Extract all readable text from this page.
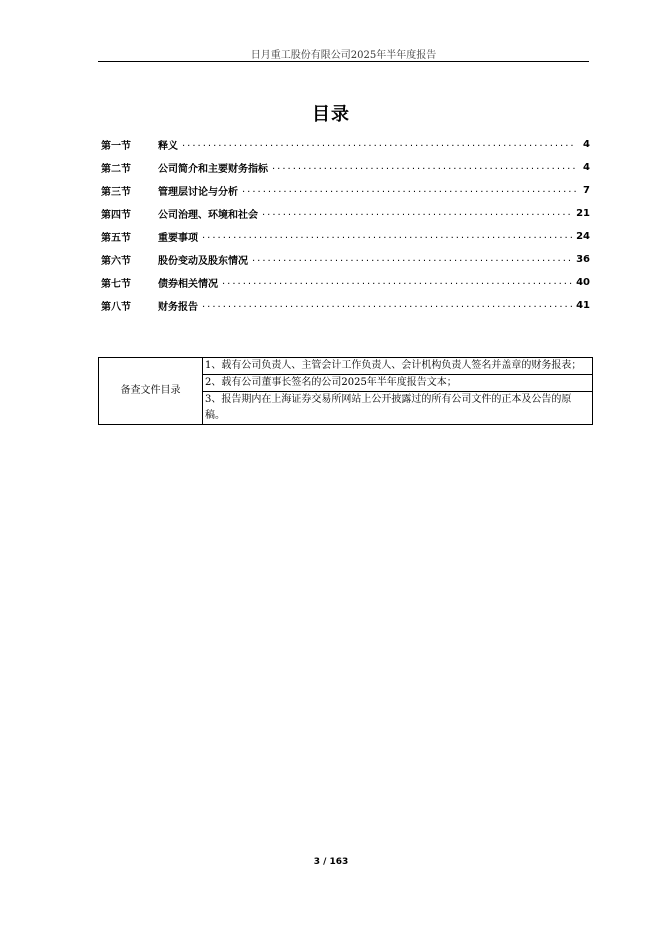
日月重工股份有限公司2025年半年度报告
目录
第一节	释义 .....	4
第二节	公司简介和主要财务指标 .....	4
第三节	管理层讨论与分析 .....	7
第四节	公司治理、环境和社会 .....	21
第五节	重要事项 .....	24
第六节	股份变动及股东情况 .....	36
第七节	债券相关情况 .....	40
第八节	财务报告 .....	41
备查文件目录	1、载有公司负责人、主管会计工作负责人、会计机构负责人签名并盖章的财务报表；
2、载有公司董事长签名的公司2025年半年度报告文本；
3、报告期内在上海证券交易所网站上公开披露过的所有公司文件的正本及公告的原稿。
3 / 163
